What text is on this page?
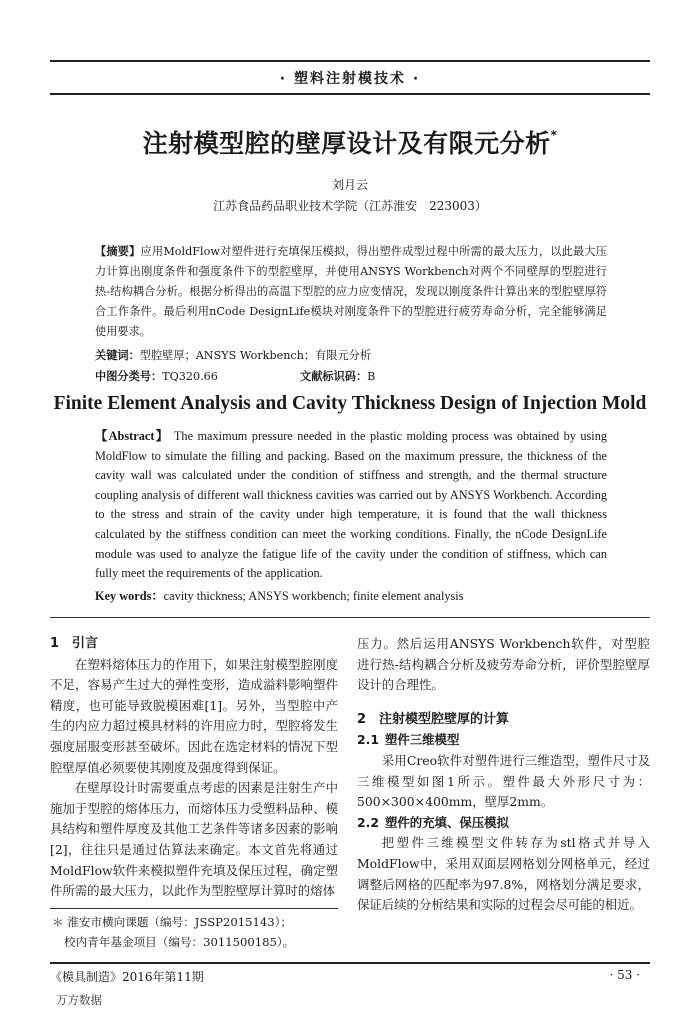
· 塑料注射模技术 ·
注射模型腔的壁厚设计及有限元分析*
刘月云
江苏食品药品职业技术学院（江苏淮安　223003）
【摘要】应用MoldFlow对塑件进行充填保压模拟，得出塑件成型过程中所需的最大压力，以此最大压力计算出刚度条件和强度条件下的型腔壁厚，并使用ANSYS Workbench对两个不同壁厚的型腔进行热-结构耦合分析。根据分析得出的高温下型腔的应力应变情况，发现以刚度条件计算出来的型腔壁厚符合工作条件。最后利用nCode DesignLife模块对刚度条件下的型腔进行疲劳寿命分析，完全能够满足使用要求。
关键词：型腔壁厚；ANSYS Workbench；有限元分析
中图分类号：TQ320.66	文献标识码：B
Finite Element Analysis and Cavity Thickness Design of Injection Mold
【Abstract】 The maximum pressure needed in the plastic molding process was obtained by using MoldFlow to simulate the filling and packing. Based on the maximum pressure, the thickness of the cavity wall was calculated under the condition of stiffness and strength, and the thermal structure coupling analysis of different wall thickness cavities was carried out by ANSYS Workbench. According to the stress and strain of the cavity under high temperature, it is found that the wall thickness calculated by the stiffness condition can meet the working conditions. Finally, the nCode DesignLife module was used to analyze the fatigue life of the cavity under the condition of stiffness, which can fully meet the requirements of the application.
Key words：cavity thickness; ANSYS workbench; finite element analysis
1 引言

在塑料熔体压力的作用下，如果注射模型腔刚度不足，容易产生过大的弹性变形，造成溢料影响塑件精度，也可能导致脱模困难[1]。另外，当型腔中产生的内应力超过模具材料的许用应力时，型腔将发生强度屈服变形甚至破坏。因此在选定材料的情况下型腔壁厚值必须要使其刚度及强度得到保证。

在壁厚设计时需要重点考虑的因素是注射生产中施加于型腔的熔体压力，而熔体压力受塑料品种、模具结构和塑件厚度及其他工艺条件等诸多因素的影响[2]，往往只是通过估算法来确定。本文首先将通过MoldFlow软件来模拟塑件充填及保压过程，确定塑件所需的最大压力，以此作为型腔壁厚计算时的熔体

＊ 淮安市横向课题（编号：JSSP2015143）；
校内青年基金项目（编号：3011500185）。
压力。然后运用ANSYS Workbench软件，对型腔进行热-结构耦合分析及疲劳寿命分析，评价型腔壁厚设计的合理性。
2 注射模型腔壁厚的计算
2.1 塑件三维模型

采用Creo软件对塑件进行三维造型，塑件尺寸及三维模型如图1所示。塑件最大外形尺寸为：500×300×400mm，壁厚2mm。

2.2 塑件的充填、保压模拟

把塑件三维模型文件转存为stl格式并导入MoldFlow中，采用双面层网格划分网格单元，经过调整后网格的匹配率为97.8%，网格划分满足要求，保证后续的分析结果和实际的过程会尽可能的相近。

《模具制造》2016年第11期	· 53 ·
万方数据
